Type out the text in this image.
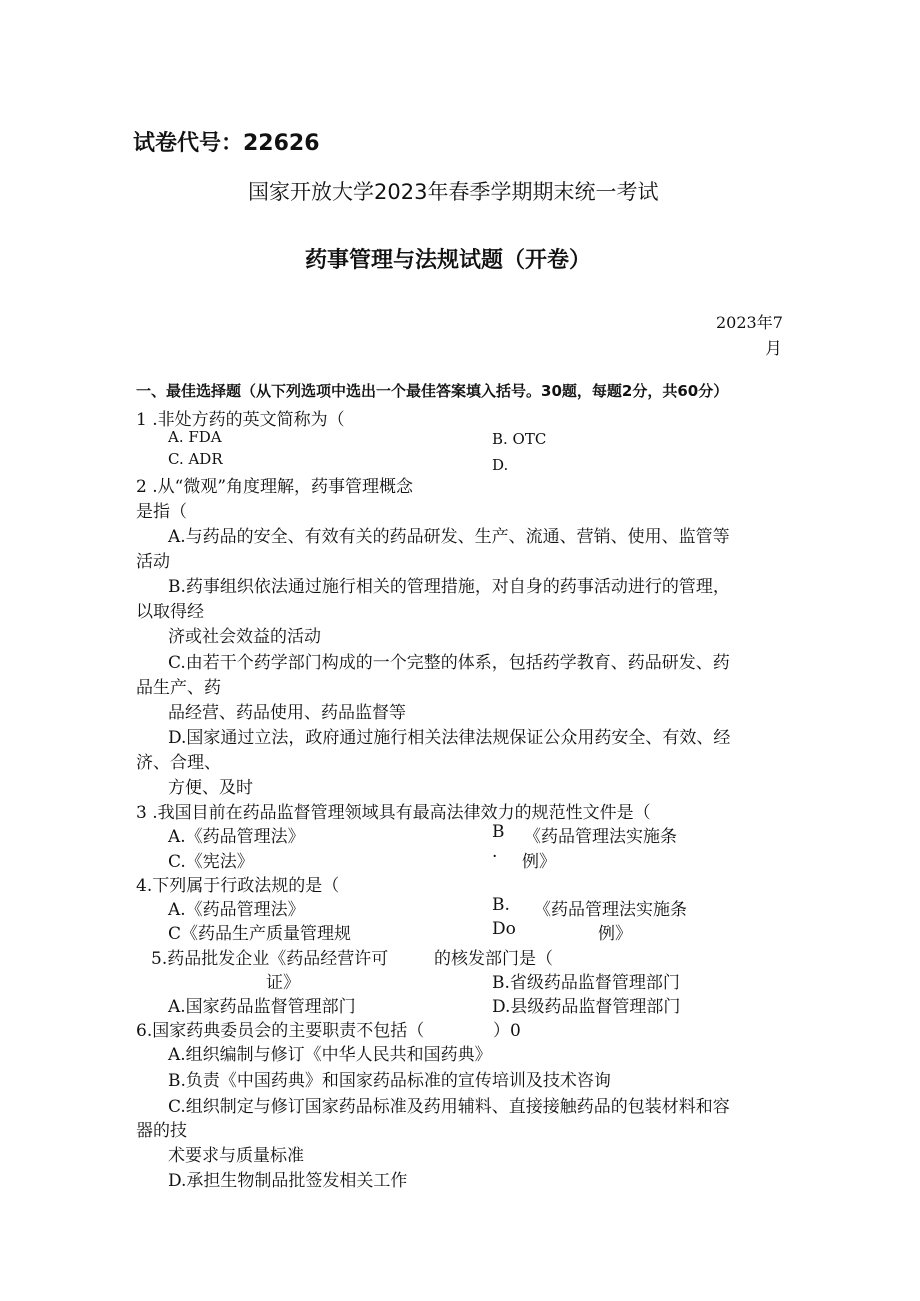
试卷代号：22626
国家开放大学2023年春季学期期末统一考试
药事管理与法规试题（开卷）
2023年7
月
一、最佳选择题（从下列选项中选出一个最佳答案填入括号。30题，每题2分，共60分）
1 .非处方药的英文简称为（
A. FDA	B. OTC
C. ADR	D.
2 .从“微观”角度理解，药事管理概念
是指（
A.与药品的安全、有效有关的药品研发、生产、流通、营销、使用、监管等
活动
B.药事组织依法通过施行相关的管理措施，对自身的药事活动进行的管理，
以取得经
济或社会效益的活动
C.由若干个药学部门构成的一个完整的体系，包括药学教育、药品研发、药
品生产、药
品经营、药品使用、药品监督等
D.国家通过立法，政府通过施行相关法律法规保证公众用药安全、有效、经
济、合理、
方便、及时
3 .我国目前在药品监督管理领域具有最高法律效力的规范性文件是（
A.《药品管理法》	B 《药品管理法实施条
C.《宪法》	· 例》
4.下列属于行政法规的是（
A.《药品管理法》	B. 《药品管理法实施条
C《药品生产质量管理规	Do	例》
5.药品批发企业《药品经营许可	的核发部门是（
证》	B.省级药品监督管理部门
A.国家药品监督管理部门	D.县级药品监督管理部门
6.国家药典委员会的主要职责不包括（	）0
A.组织编制与修订《中华人民共和国药典》
B.负责《中国药典》和国家药品标准的宣传培训及技术咨询
C.组织制定与修订国家药品标准及药用辅料、直接接触药品的包装材料和容
器的技
术要求与质量标准
D.承担生物制品批签发相关工作
